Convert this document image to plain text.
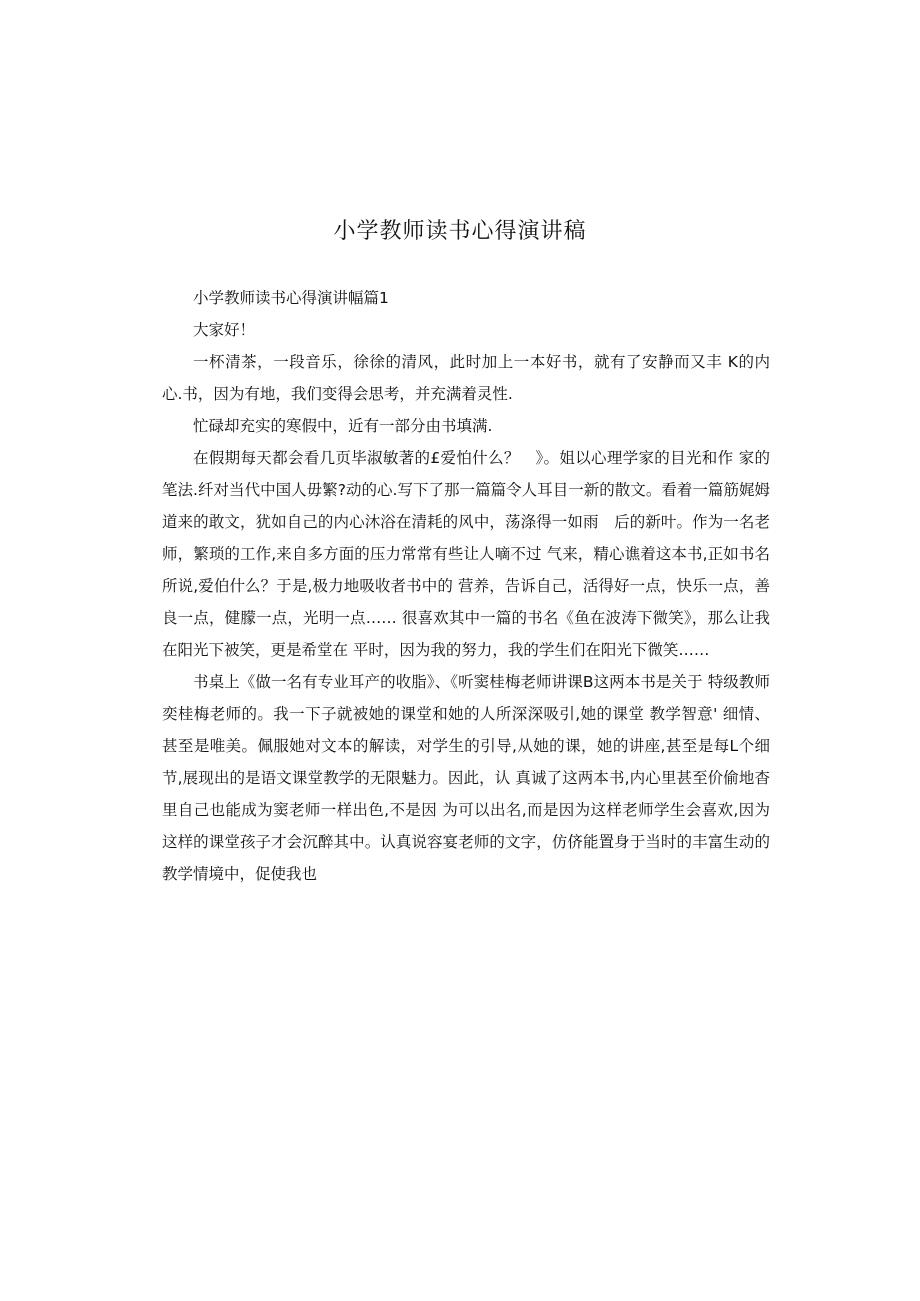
小学教师读书心得演讲稿

小学教师读书心得演讲幅篇1

大家好！

一杯清茶，一段音乐，徐徐的清风，此时加上一本好书，就有了安静而又丰 K的内心.书，因为有地，我们变得会思考，并充满着灵性.

忙碌却充实的寒假中，近有一部分由书填满.

在假期每天都会看几页毕淑敏著的£爱怕什么？　》。姐以心理学家的目光和作 家的笔法.纤对当代中国人毋繁?动的心.写下了那一篇篇令人耳目一新的散文。看着一篇筋娓姆道来的敢文，犹如自己的内心沐浴在清耗的风中，荡涤得一如雨　后的新叶。作为一名老师，繁琐的工作,来自多方面的压力常常有些让人嘀不过 气来，精心谯着这本书,正如书名所说,爱伯什么？于是,极力地吸收者书中的 营养，告诉自己，活得好一点，快乐一点，善良一点，健朦一点，光明一点…… 很喜欢其中一篇的书名《鱼在波涛下微笑》，那么让我在阳光下被笑，更是希堂在 平时，因为我的努力，我的学生们在阳光下微笑……

书桌上《做一名有专业耳产的收脂》、《听窦桂梅老师讲课B这两本书是关于 特级教师奕桂梅老师的。我一下子就被她的课堂和她的人所深深吸引,她的课堂 教学智意' 细情、甚至是唯美。佩服她对文本的解读，对学生的引导,从她的课，她的讲座,甚至是每L个细节,展现出的是语文课堂教学的无限魅力。因此，认 真诚了这两本书,内心里甚至价偷地杳里自己也能成为窦老师一样出色,不是因 为可以出名,而是因为这样老师学生会喜欢,因为这样的课堂孩子才会沉醉其中。认真说容宴老师的文字，仿侪能置身于当时的丰富生动的教学情境中，促使我也
